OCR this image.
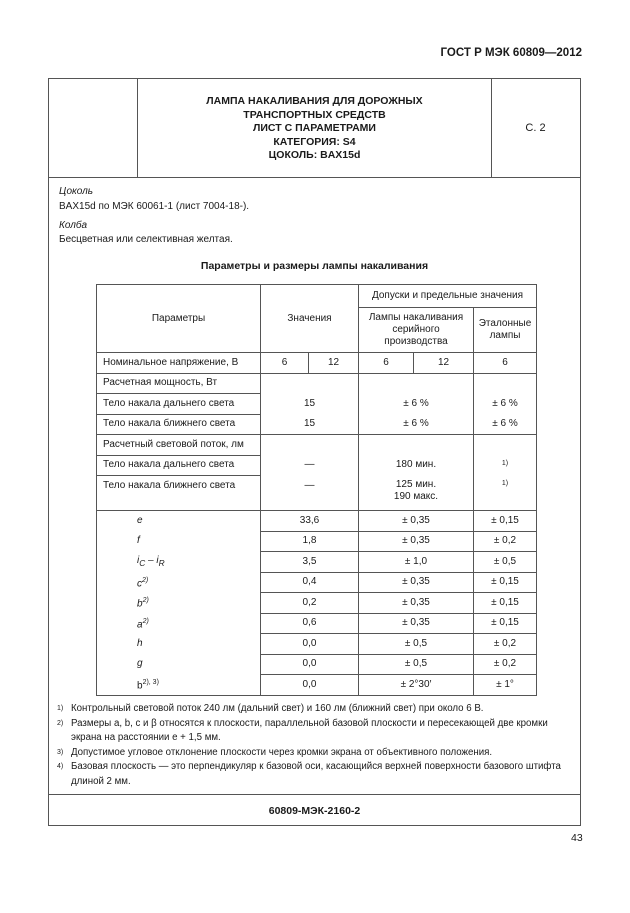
ГОСТ Р МЭК 60809—2012
ЛАМПА НАКАЛИВАНИЯ ДЛЯ ДОРОЖНЫХ
ТРАНСПОРТНЫХ СРЕДСТВ
ЛИСТ С ПАРАМЕТРАМИ
КАТЕГОРИЯ: S4
ЦОКОЛЬ: BAX15d
С. 2
Цоколь
BAX15d по МЭК 60061-1 (лист 7004-18-).
Колба
Бесцветная или селективная желтая.
Параметры и размеры лампы накаливания
Параметры	Значения		Допуски и предельные значения		
			Лампы накаливания серийного производства		Эталонные лампы
Номинальное напряжение, В	6	12	6	12	6
Расчетная мощность, Вт					
Тело накала дальнего света	15		± 6 %		± 6 %
Тело накала ближнего света	15		± 6 %		± 6 %
Расчетный световой поток, лм					
Тело накала дальнего света	—		180 мин.		$^{1)}$
Тело накала ближнего света	—		125 мин.
190 макс.		$^{1)}$
e	33,6		± 0,35		± 0,15
f	1,8		± 0,35		± 0,2
$i_C - i_R$	3,5		± 1,0		± 0,5
$c^{2)}$	0,4		± 0,35		± 0,15
$b^{2)}$	0,2		± 0,35		± 0,15
$a^{2)}$	0,6		± 0,35		± 0,15
h	0,0		± 0,5		± 0,2
g	0,0		± 0,5		± 0,2
$b^{2), 3)}$	0,0		± 2°30′		± 1°
1) Контрольный световой поток 240 лм (дальний свет) и 160 лм (ближний свет) при около 6 В.
2) Размеры a, b, c и β относятся к плоскости, параллельной базовой плоскости и пересекающей две кромки экрана на расстоянии e + 1,5 мм.
3) Допустимое угловое отклонение плоскости через кромки экрана от объективного положения.
4) Базовая плоскость — это перпендикуляр к базовой оси, касающийся верхней поверхности базового штифта длиной 2 мм.
60809-МЭК-2160-2
43
